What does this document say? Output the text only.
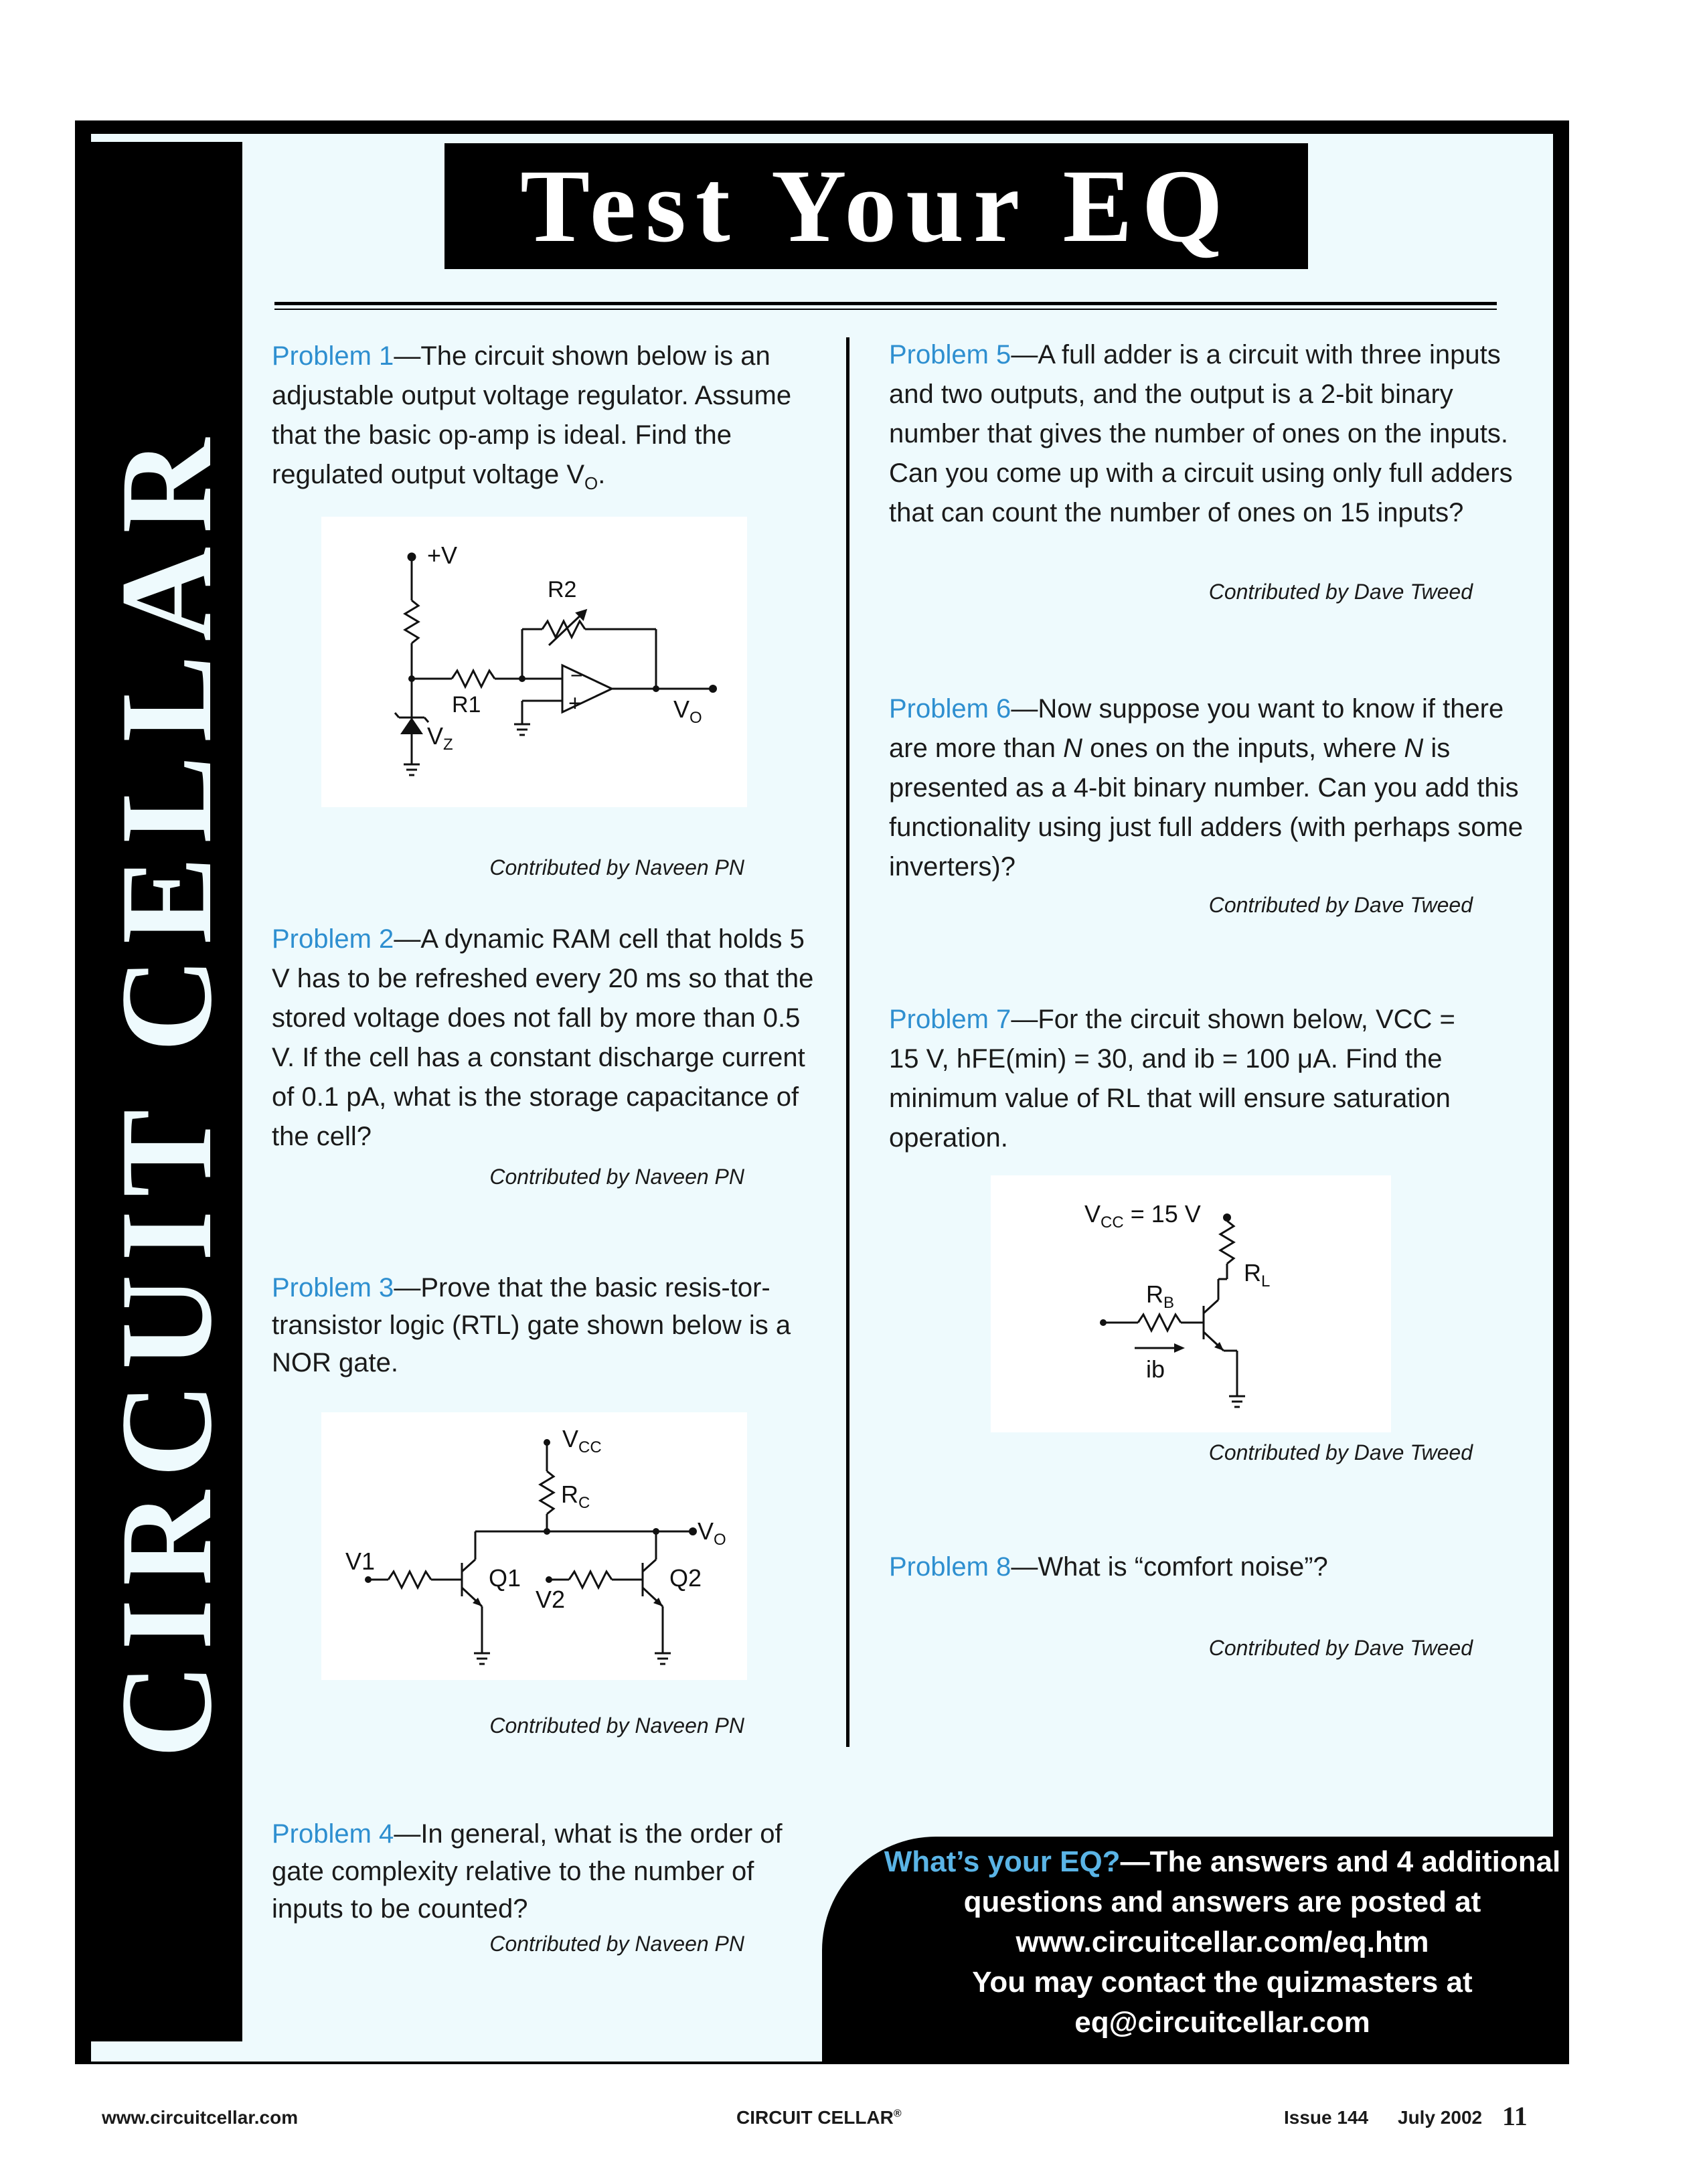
CIRCUIT CELLAR
Test Your EQ
Problem 1—The circuit shown below is an adjustable output voltage regulator. Assume that the basic op-amp is ideal. Find the regulated output voltage $V_O$.
+V
R2
R1
−
+	$V_O$
$V_Z$
Contributed by Naveen PN
Problem 2—A dynamic RAM cell that holds 5 V has to be refreshed every 20 ms so that the stored voltage does not fall by more than 0.5 V. If the cell has a constant discharge current of 0.1 pA, what is the storage capacitance of the cell?
Contributed by Naveen PN
Problem 3—Prove that the basic resis-tor-transistor logic (RTL) gate shown below is a NOR gate.
$V_{CC}$
$R_C$
$V_O$
V1
Q1
V2
Q2
Contributed by Naveen PN
Problem 4—In general, what is the order of gate complexity relative to the number of inputs to be counted?
Contributed by Naveen PN
Problem 5—A full adder is a circuit with three inputs and two outputs, and the output is a 2-bit binary number that gives the number of ones on the inputs. Can you come up with a circuit using only full adders that can count the number of ones on 15 inputs?
Contributed by Dave Tweed
Problem 6—Now suppose you want to know if there are more than N ones on the inputs, where N is presented as a 4-bit binary number. Can you add this functionality using just full adders (with perhaps some inverters)?
Contributed by Dave Tweed
Problem 7—For the circuit shown below, VCC = 15 V, hFE(min) = 30, and ib = 100 μA. Find the minimum value of RL that will ensure saturation operation.
$V_{CC} = 15$ V
$R_L$
$R_B$
ib
Contributed by Dave Tweed
Problem 8—What is “comfort noise”?
Contributed by Dave Tweed
What’s your EQ?—The answers and 4 additional
questions and answers are posted at
www.circuitcellar.com/eq.htm
You may contact the quizmasters at
eq@circuitcellar.com
www.circuitcellar.com	CIRCUIT CELLAR®	Issue 144 July 2002 11
